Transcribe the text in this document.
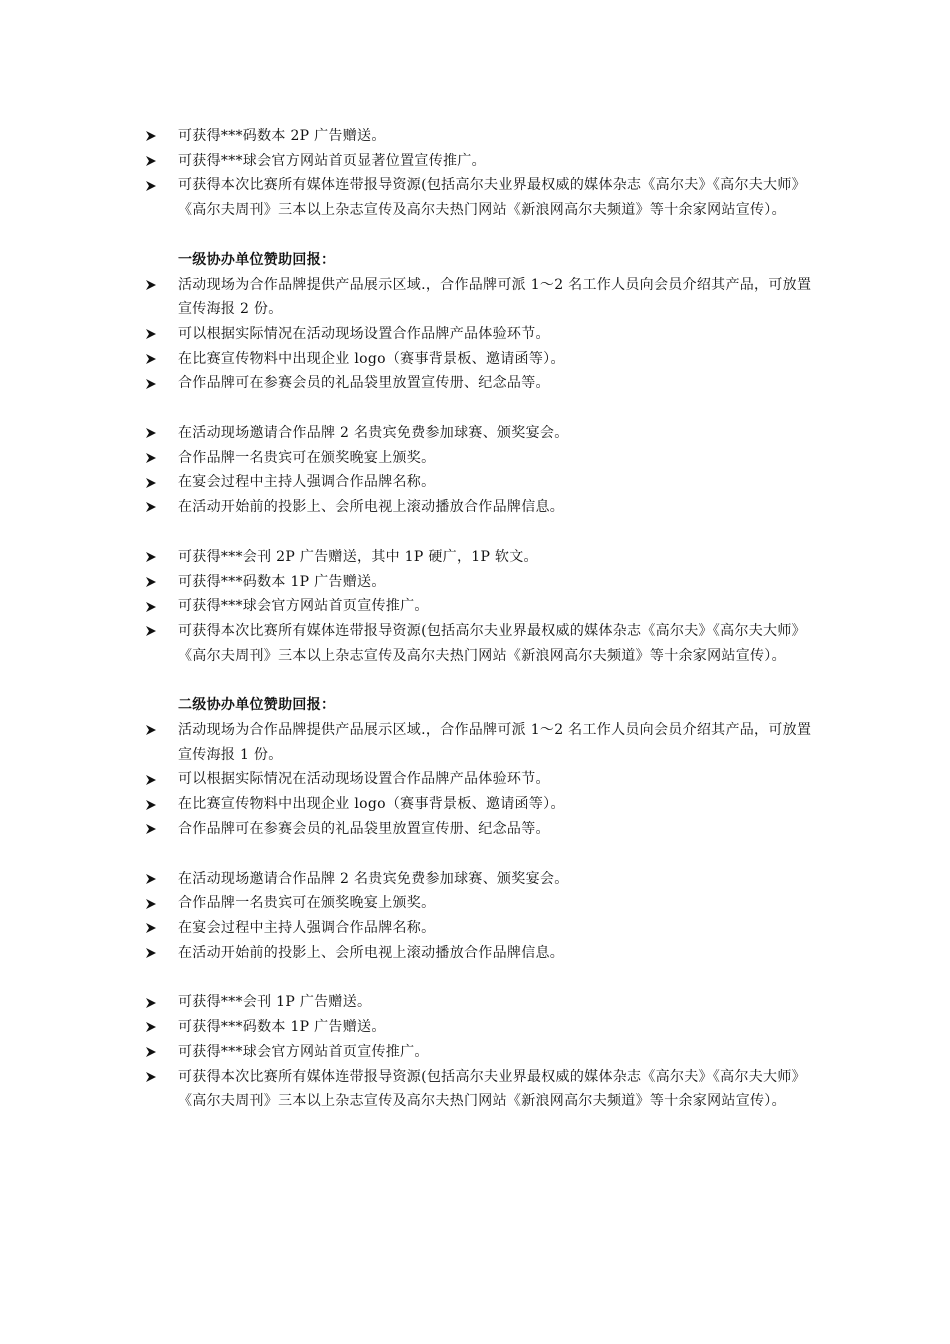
可获得***码数本 2P 广告赠送。
可获得***球会官方网站首页显著位置宣传推广。
可获得本次比赛所有媒体连带报导资源(包括高尔夫业界最权威的媒体杂志《高尔夫》《高尔夫大师》《高尔夫周刊》三本以上杂志宣传及高尔夫热门网站《新浪网高尔夫频道》等十余家网站宣传）。
一级协办单位赞助回报：
活动现场为合作品牌提供产品展示区域.，合作品牌可派 1～2 名工作人员向会员介绍其产品，可放置宣传海报 2 份。
可以根据实际情况在活动现场设置合作品牌产品体验环节。
在比赛宣传物料中出现企业 logo（赛事背景板、邀请函等）。
合作品牌可在参赛会员的礼品袋里放置宣传册、纪念品等。
在活动现场邀请合作品牌 2 名贵宾免费参加球赛、颁奖宴会。
合作品牌一名贵宾可在颁奖晚宴上颁奖。
在宴会过程中主持人强调合作品牌名称。
在活动开始前的投影上、会所电视上滚动播放合作品牌信息。
可获得***会刊 2P 广告赠送，其中 1P 硬广，1P 软文。
可获得***码数本 1P 广告赠送。
可获得***球会官方网站首页宣传推广。
可获得本次比赛所有媒体连带报导资源(包括高尔夫业界最权威的媒体杂志《高尔夫》《高尔夫大师》《高尔夫周刊》三本以上杂志宣传及高尔夫热门网站《新浪网高尔夫频道》等十余家网站宣传）。
二级协办单位赞助回报：
活动现场为合作品牌提供产品展示区域.，合作品牌可派 1～2 名工作人员向会员介绍其产品，可放置宣传海报 1 份。
可以根据实际情况在活动现场设置合作品牌产品体验环节。
在比赛宣传物料中出现企业 logo（赛事背景板、邀请函等）。
合作品牌可在参赛会员的礼品袋里放置宣传册、纪念品等。
在活动现场邀请合作品牌 2 名贵宾免费参加球赛、颁奖宴会。
合作品牌一名贵宾可在颁奖晚宴上颁奖。
在宴会过程中主持人强调合作品牌名称。
在活动开始前的投影上、会所电视上滚动播放合作品牌信息。
可获得***会刊 1P 广告赠送。
可获得***码数本 1P 广告赠送。
可获得***球会官方网站首页宣传推广。
可获得本次比赛所有媒体连带报导资源(包括高尔夫业界最权威的媒体杂志《高尔夫》《高尔夫大师》《高尔夫周刊》三本以上杂志宣传及高尔夫热门网站《新浪网高尔夫频道》等十余家网站宣传）。
